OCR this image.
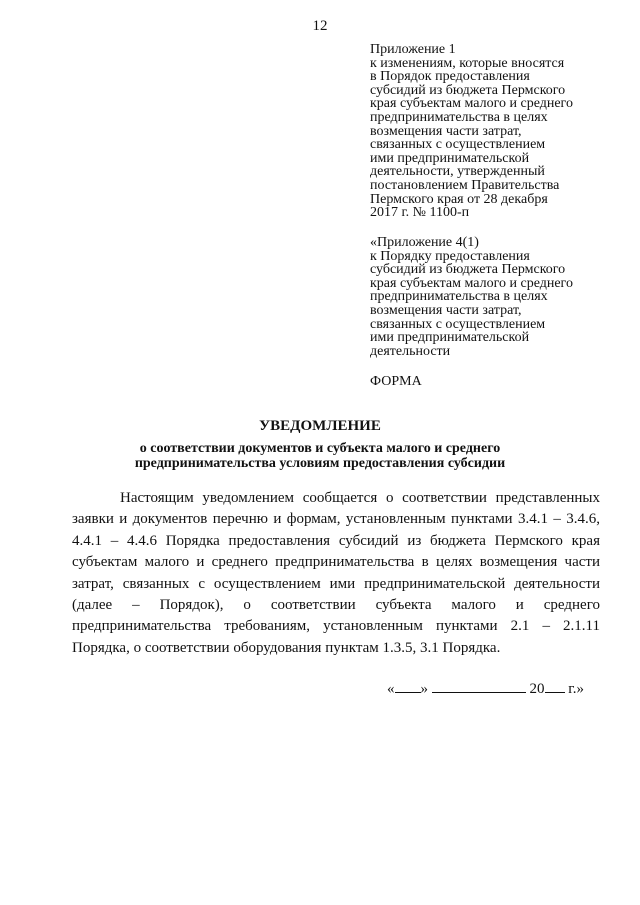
12
Приложение 1
к изменениям, которые вносятся
в Порядок предоставления
субсидий из бюджета Пермского
края субъектам малого и среднего
предпринимательства в целях
возмещения части затрат,
связанных с осуществлением
ими предпринимательской
деятельности, утвержденный
постановлением Правительства
Пермского края от 28 декабря
2017 г. № 1100-п
«Приложение 4(1)
к Порядку предоставления
субсидий из бюджета Пермского
края субъектам малого и среднего
предпринимательства в целях
возмещения части затрат,
связанных с осуществлением
ими предпринимательской
деятельности
ФОРМА
УВЕДОМЛЕНИЕ
о соответствии документов и субъекта малого и среднего
предпринимательства условиям предоставления субсидии
Настоящим уведомлением сообщается о соответствии представленных
заявки и документов перечню и формам, установленным пунктами 3.4.1 – 3.4.6,
4.4.1 – 4.4.6 Порядка предоставления субсидий из бюджета Пермского края
субъектам малого и среднего предпринимательства в целях возмещения части
затрат, связанных с осуществлением ими предпринимательской деятельности
(далее – Порядок), о соответствии субъекта малого и среднего
предпринимательства требованиям, установленным пунктами 2.1 – 2.1.11
Порядка, о соответствии оборудования пунктам 1.3.5, 3.1 Порядка.
« »	20 г.»
